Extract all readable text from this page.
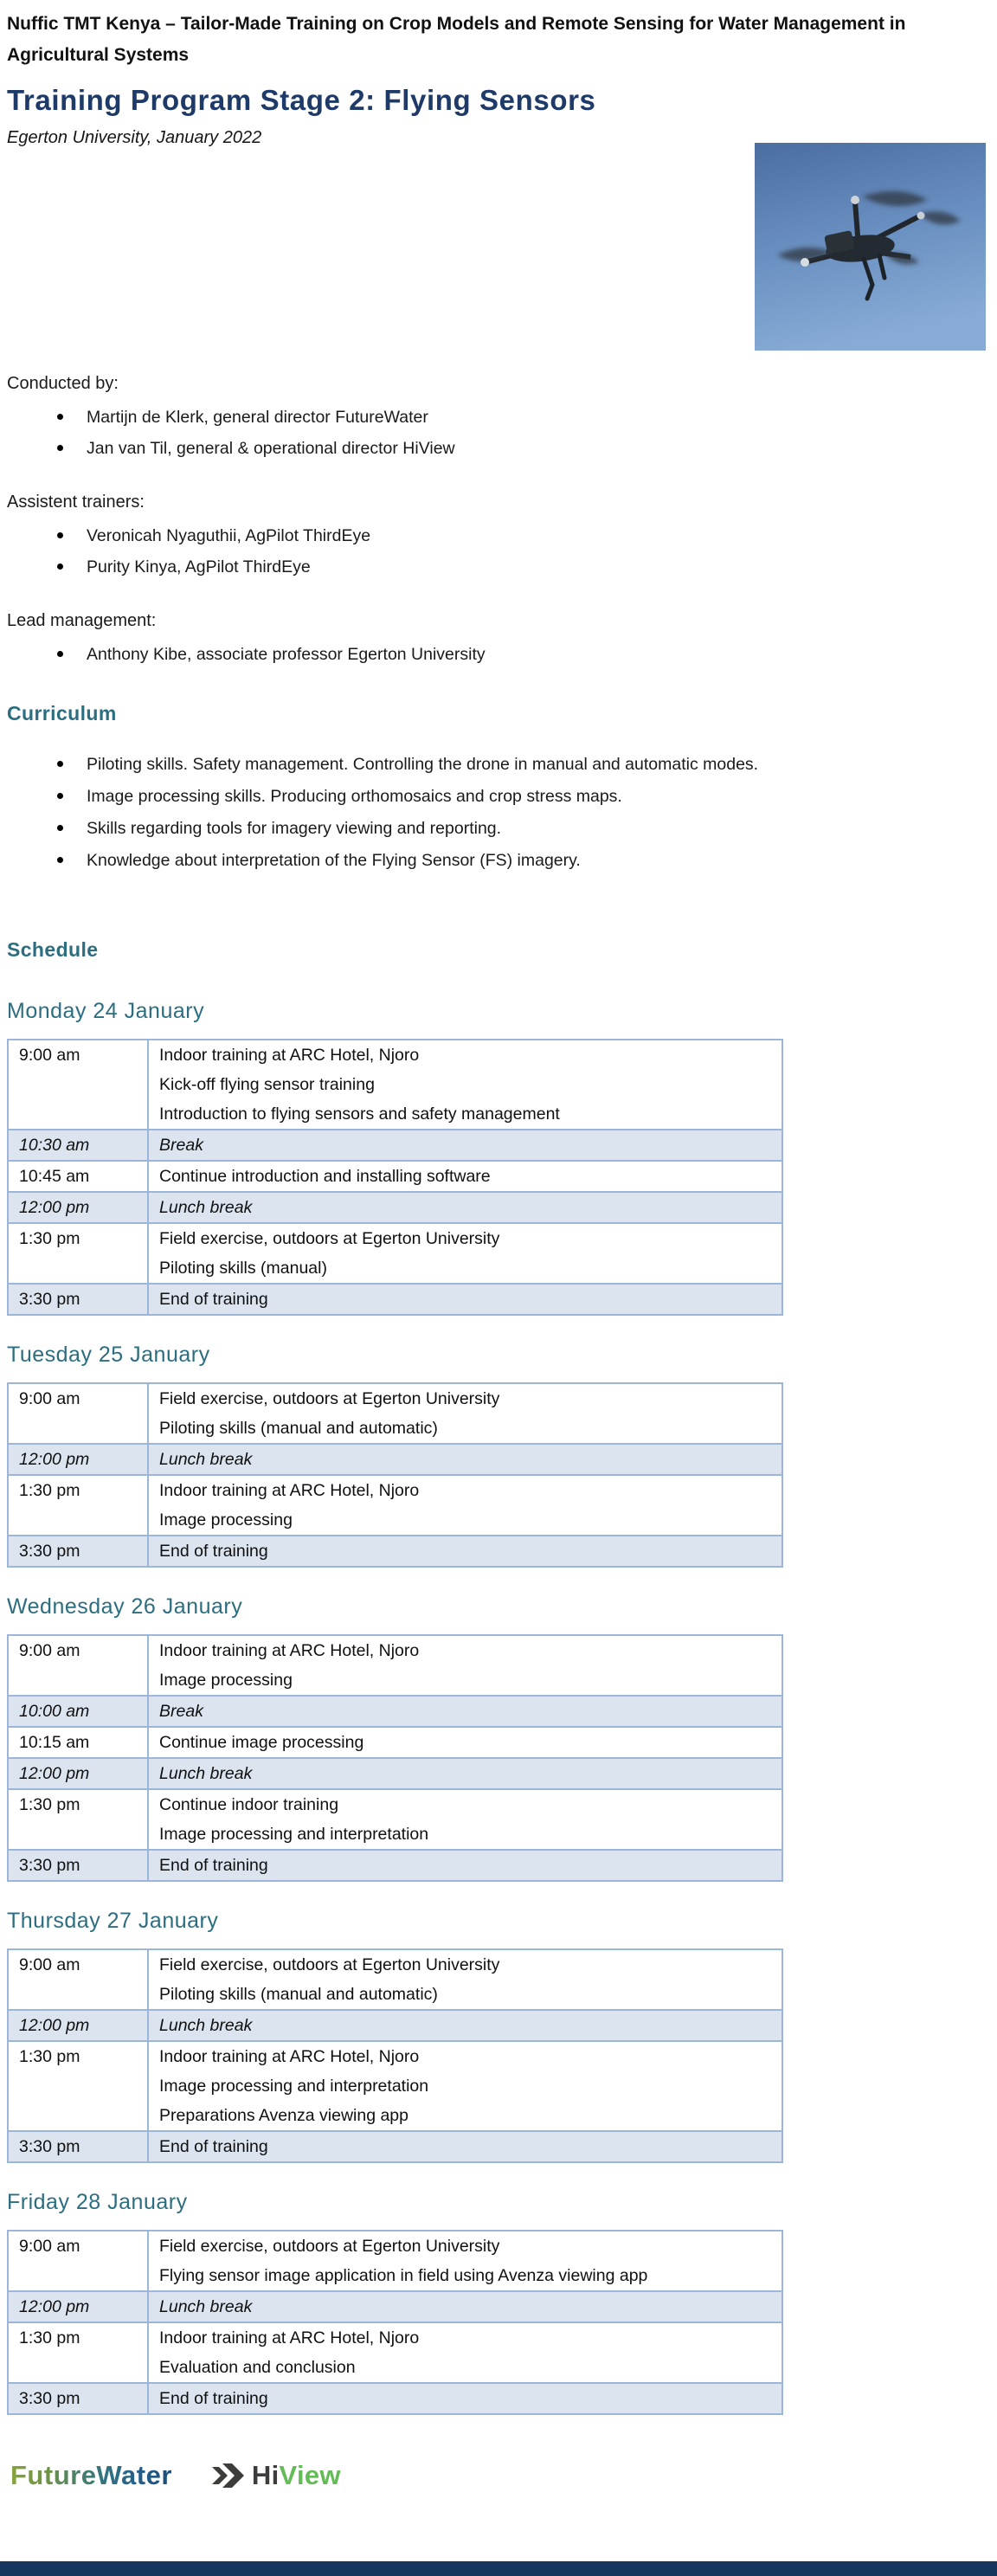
Nuffic TMT Kenya – Tailor-Made Training on Crop Models and Remote Sensing for Water Management in Agricultural Systems

Training Program Stage 2: Flying Sensors

Egerton University, January 2022

Conducted by:

Martijn de Klerk, general director FutureWater
Jan van Til, general & operational director HiView

Assistent trainers:

Veronicah Nyaguthii, AgPilot ThirdEye
Purity Kinya, AgPilot ThirdEye

Lead management:

Anthony Kibe, associate professor Egerton University
Curriculum
Piloting skills. Safety management. Controlling the drone in manual and automatic modes.
Image processing skills. Producing orthomosaics and crop stress maps.
Skills regarding tools for imagery viewing and reporting.
Knowledge about interpretation of the Flying Sensor (FS) imagery.
Schedule
Monday 24 January
9:00 am	Indoor training at ARC Hotel, Njoro
Kick-off flying sensor training
Introduction to flying sensors and safety management

10:30 am	Break

10:45 am	Continue introduction and installing software

12:00 pm	Lunch break

1:30 pm	Field exercise, outdoors at Egerton University
Piloting skills (manual)

3:30 pm	End of training
Tuesday 25 January
9:00 am	Field exercise, outdoors at Egerton University
Piloting skills (manual and automatic)

12:00 pm	Lunch break

1:30 pm	Indoor training at ARC Hotel, Njoro
Image processing

3:30 pm	End of training
Wednesday 26 January
9:00 am	Indoor training at ARC Hotel, Njoro
Image processing

10:00 am	Break

10:15 am	Continue image processing

12:00 pm	Lunch break

1:30 pm	Continue indoor training
Image processing and interpretation

3:30 pm	End of training
Thursday 27 January
9:00 am	Field exercise, outdoors at Egerton University
Piloting skills (manual and automatic)

12:00 pm	Lunch break

1:30 pm	Indoor training at ARC Hotel, Njoro
Image processing and interpretation
Preparations Avenza viewing app

3:30 pm	End of training
Friday 28 January
9:00 am	Field exercise, outdoors at Egerton University
Flying sensor image application in field using Avenza viewing app

12:00 pm	Lunch break

1:30 pm	Indoor training at ARC Hotel, Njoro
Evaluation and conclusion

3:30 pm	End of training
FutureWater	Hi View
